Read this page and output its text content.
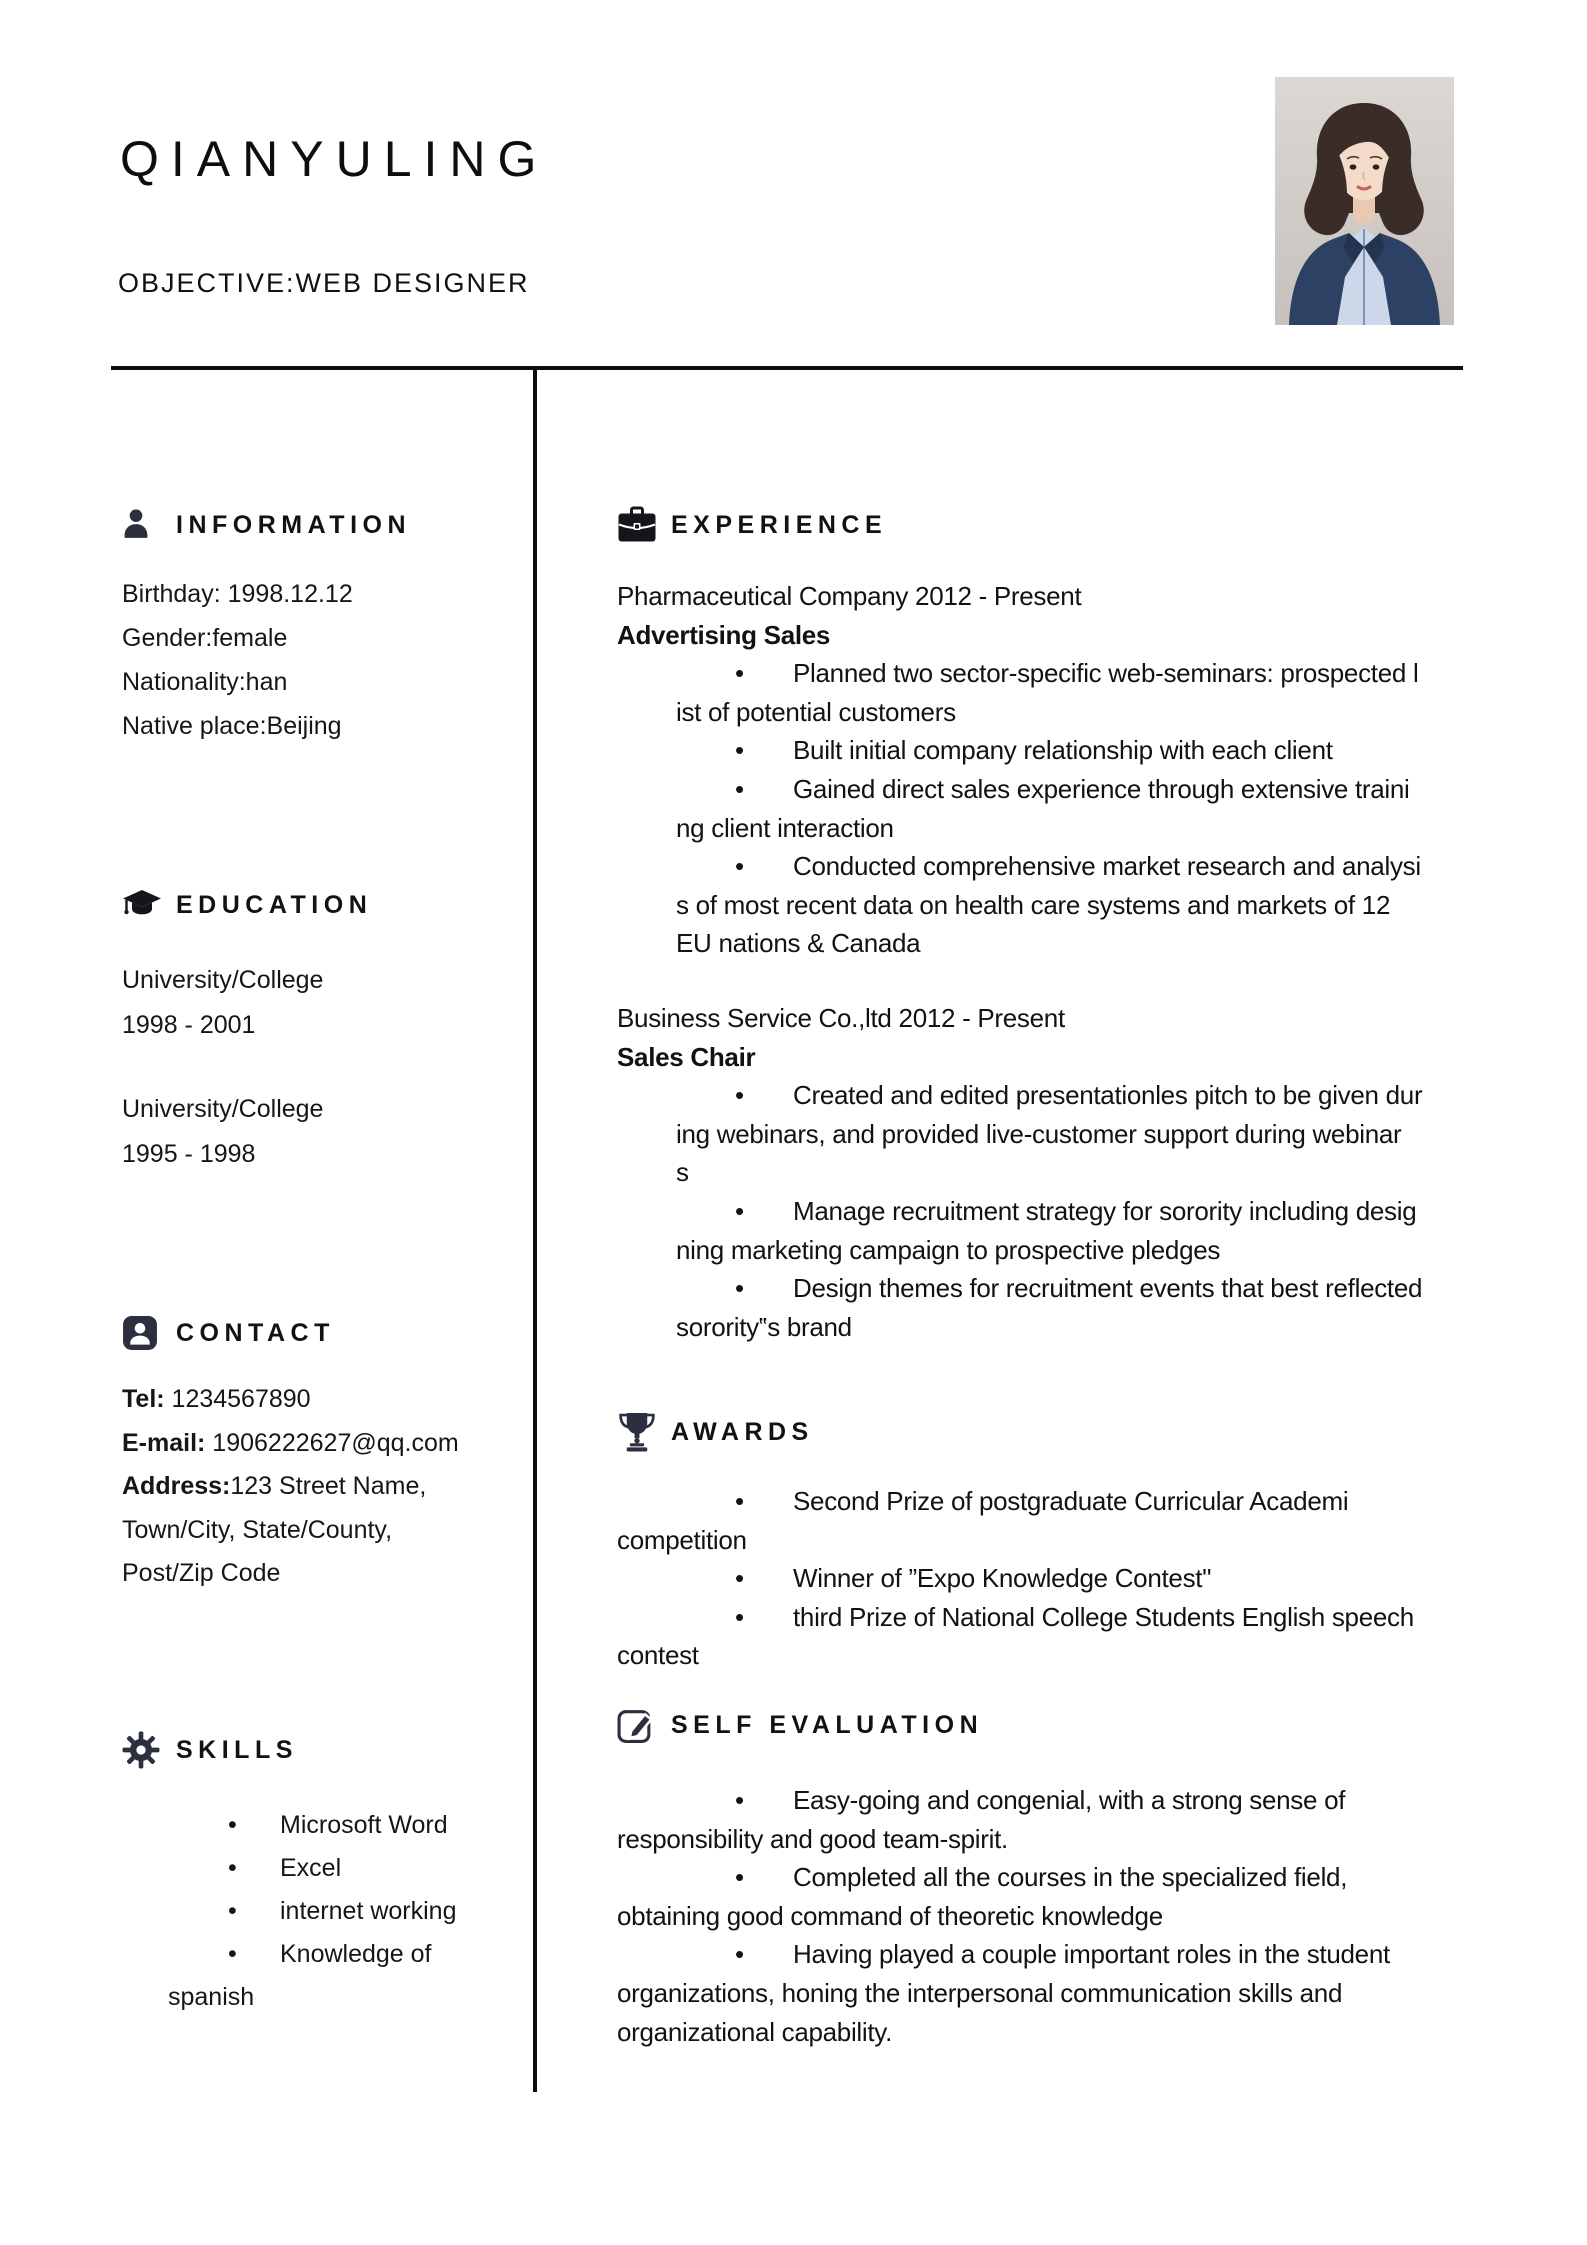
QIANYULING
OBJECTIVE:WEB DESIGNER
INFORMATION
Birthday: 1998.12.12
Gender:female
Nationality:han
Native place:Beijing
EDUCATION
University/College
1998 - 2001
University/College
1995 - 1998
CONTACT
Tel: 1234567890
E-mail: 1906222627@qq.com
Address:123 Street Name,
Town/City, State/County,
Post/Zip Code
SKILLS
• Microsoft Word
• Excel
• internet working
• Knowledge of
spanish
EXPERIENCE
Pharmaceutical Company 2012 - Present
Advertising Sales
• Planned two sector-specific web-seminars: prospected l
ist of potential customers
• Built initial company relationship with each client
• Gained direct sales experience through extensive traini
ng client interaction
• Conducted comprehensive market research and analysi
s of most recent data on health care systems and markets of 12
EU nations & Canada
Business Service Co.,ltd 2012 - Present
Sales Chair
• Created and edited presentationles pitch to be given dur
ing webinars, and provided live-customer support during webinar
s
• Manage recruitment strategy for sorority including desig
ning marketing campaign to prospective pledges
• Design themes for recruitment events that best reflected
sorority‟s brand
AWARDS
• Second Prize of postgraduate Curricular Academi
competition
• Winner of ”Expo Knowledge Contest"
• third Prize of National College Students English speech
contest
SELF EVALUATION
• Easy-going and congenial, with a strong sense of
responsibility and good team-spirit.
• Completed all the courses in the specialized field,
obtaining good command of theoretic knowledge
• Having played a couple important roles in the student
organizations, honing the interpersonal communication skills and
organizational capability.
